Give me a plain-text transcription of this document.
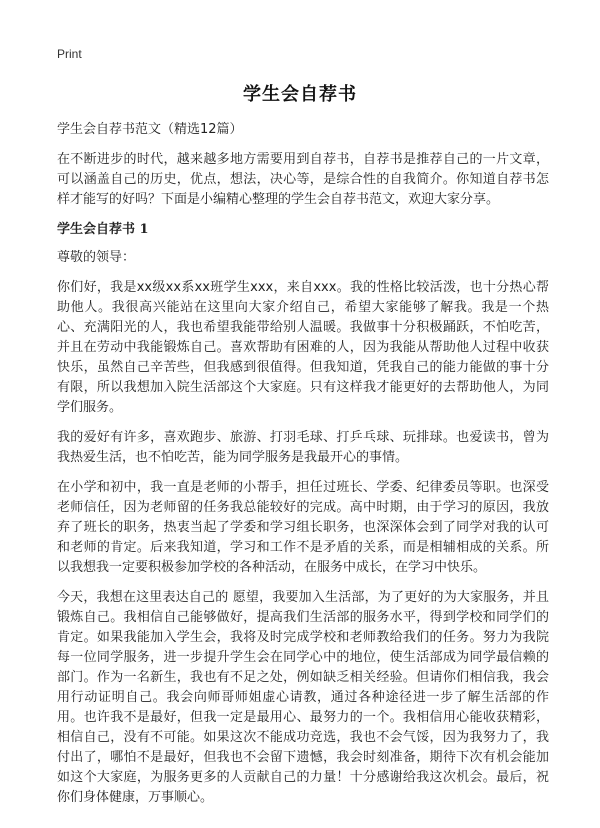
Print
学生会自荐书

学生会自荐书范文（精选12篇）

在不断进步的时代，越来越多地方需要用到自荐书，自荐书是推荐自己的一片文章，可以涵盖自己的历史，优点，想法，决心等，是综合性的自我简介。你知道自荐书怎样才能写的好吗？下面是小编精心整理的学生会自荐书范文，欢迎大家分享。

学生会自荐书 1

尊敬的领导：

你们好，我是xx级xx系xx班学生xxx，来自xxx。我的性格比较活泼，也十分热心帮助他人。我很高兴能站在这里向大家介绍自己，希望大家能够了解我。我是一个热心、充满阳光的人，我也希望我能带给别人温暖。我做事十分积极踊跃，不怕吃苦，并且在劳动中我能锻炼自己。喜欢帮助有困难的人，因为我能从帮助他人过程中收获快乐，虽然自己辛苦些，但我感到很值得。但我知道，凭我自己的能力能做的事十分有限，所以我想加入院生活部这个大家庭。只有这样我才能更好的去帮助他人，为同学们服务。

我的爱好有许多，喜欢跑步、旅游、打羽毛球、打乒乓球、玩排球。也爱读书，曾为我热爱生活，也不怕吃苦，能为同学服务是我最开心的事情。

在小学和初中，我一直是老师的小帮手，担任过班长、学委、纪律委员等职。也深受老师信任，因为老师留的任务我总能较好的完成。高中时期，由于学习的原因，我放弃了班长的职务，热衷当起了学委和学习组长职务，也深深体会到了同学对我的认可和老师的肯定。后来我知道，学习和工作不是矛盾的关系，而是相辅相成的关系。所以我想我一定要积极参加学校的各种活动，在服务中成长，在学习中快乐。

今天，我想在这里表达自己的 愿望，我要加入生活部，为了更好的为大家服务，并且锻炼自己。我相信自己能够做好，提高我们生活部的服务水平，得到学校和同学们的肯定。如果我能加入学生会，我将及时完成学校和老师教给我们的任务。努力为我院每一位同学服务，进一步提升学生会在同学心中的地位，使生活部成为同学最信赖的部门。作为一名新生，我也有不足之处，例如缺乏相关经验。但请你们相信我，我会用行动证明自己。我会向师哥师姐虚心请教，通过各种途径进一步了解生活部的作用。也许我不是最好，但我一定是最用心、最努力的一个。我相信用心能收获精彩，相信自己，没有不可能。如果这次不能成功竞选，我也不会气馁，因为我努力了，我付出了，哪怕不是最好，但我也不会留下遗憾，我会时刻准备，期待下次有机会能加如这个大家庭，为服务更多的人贡献自己的力量！十分感谢给我这次机会。最后，祝你们身体健康，万事顺心。
